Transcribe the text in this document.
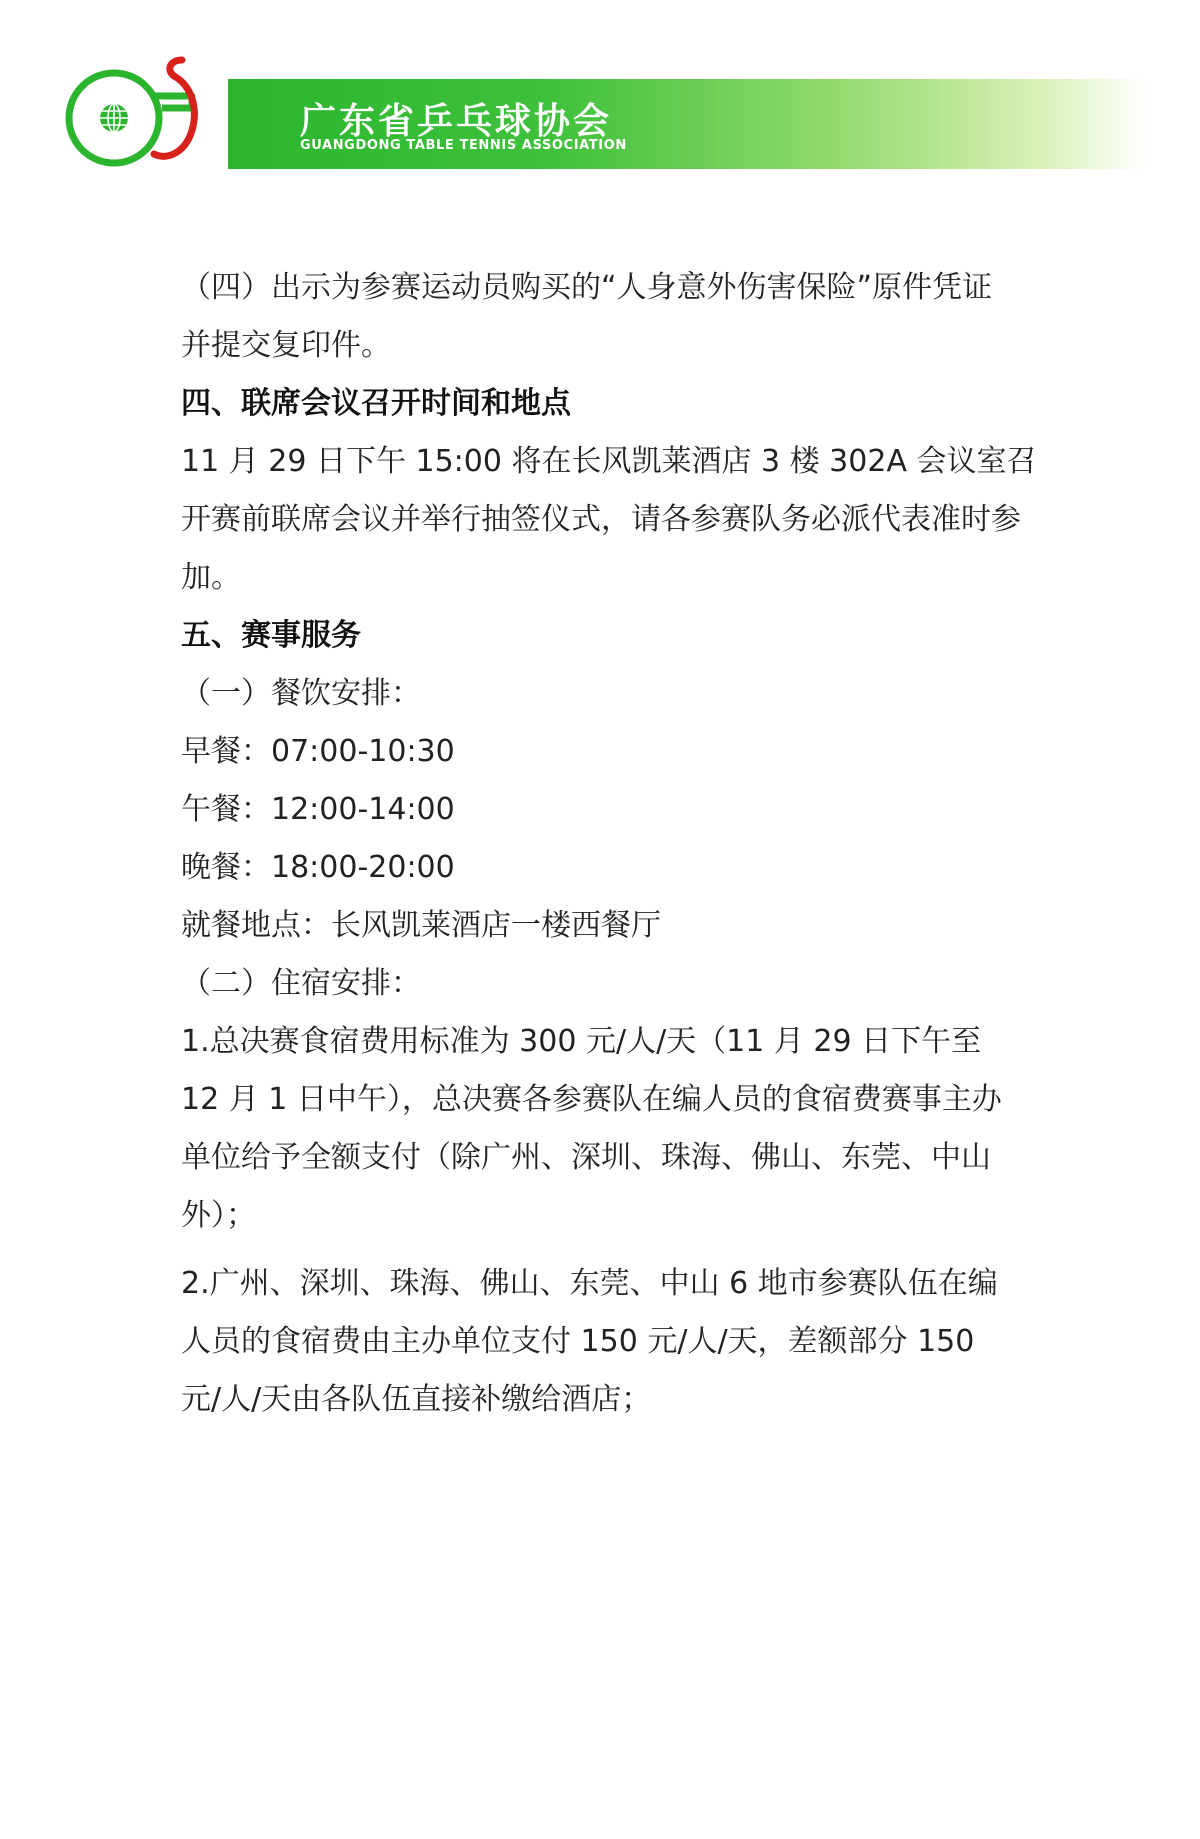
广东省乒乓球协会
GUANGDONG TABLE TENNIS ASSOCIATION
（四）出示为参赛运动员购买的“人身意外伤害保险”原件凭证
并提交复印件。
四、联席会议召开时间和地点
11 月 29 日下午 15:00 将在长风凯莱酒店 3 楼 302A 会议室召
开赛前联席会议并举行抽签仪式，请各参赛队务必派代表准时参
加。
五、赛事服务
（一）餐饮安排：
早餐：07:00-10:30
午餐：12:00-14:00
晚餐：18:00-20:00
就餐地点：长风凯莱酒店一楼西餐厅
（二）住宿安排：
1.总决赛食宿费用标准为 300 元/人/天（11 月 29 日下午至
12 月 1 日中午），总决赛各参赛队在编人员的食宿费赛事主办
单位给予全额支付（除广州、深圳、珠海、佛山、东莞、中山
外）；
2.广州、深圳、珠海、佛山、东莞、中山 6 地市参赛队伍在编
人员的食宿费由主办单位支付 150 元/人/天，差额部分 150
元/人/天由各队伍直接补缴给酒店；
